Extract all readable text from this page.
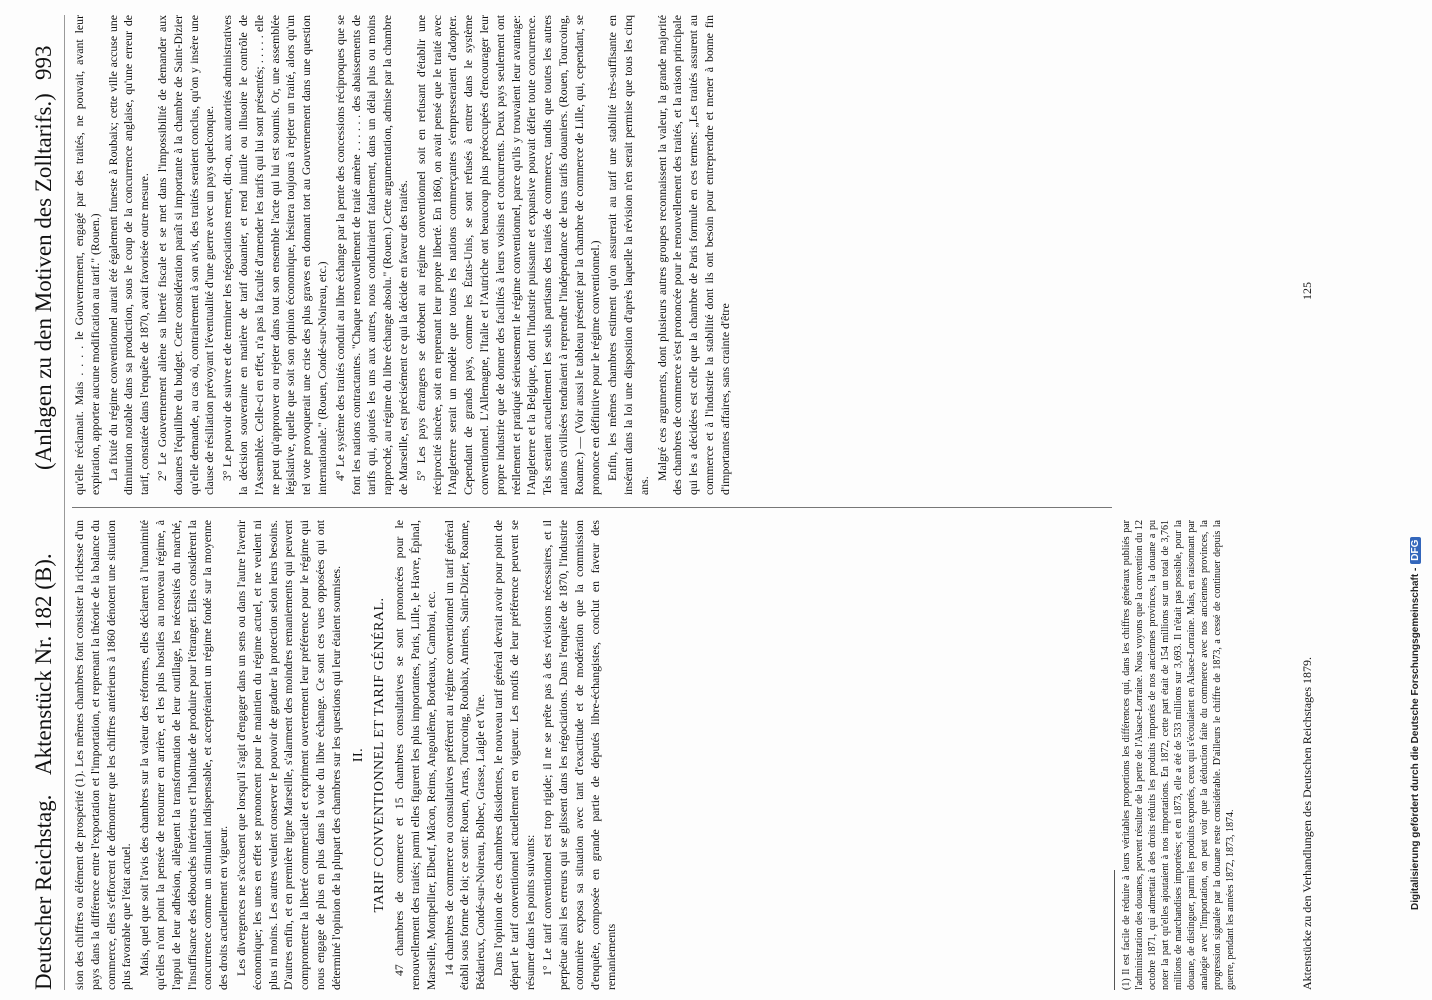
Deutscher Reichstag.
Aktenstück Nr. 182 (B).
(Anlagen zu den Motiven des Zolltarifs.)
993

sion des chiffres ou élément de prospérité (1). Les mêmes chambres font consister la richesse d'un pays dans la différence entre l'exportation et l'importation, et reprenant la théorie de la balance du commerce, elles s'efforcent de démontrer que les chiffres antérieurs à 1860 dénotent une situation plus favorable que l'état actuel. Mais, quel que soit l'avis des chambres sur la valeur des réformes, elles déclarent à l'unanimité qu'elles n'ont point la pensée de retourner en arrière, et les plus hostiles au nouveau régime, à l'appui de leur adhésion, allèguent la transformation de leur outillage, les nécessités du marché, l'insuffisance des débouchés intérieurs et l'habitude de produire pour l'étranger. Elles considèrent la concurrence comme un stimulant indispensable, et acceptéraient un régime fondé sur la moyenne des droits actuellement en vigueur. Les divergences ne s'accusent que lorsqu'il s'agit d'engager dans un sens ou dans l'autre l'avenir économique; les unes en effet se prononcent pour le maintien du régime actuel, et ne veulent ni plus ni moins. Les autres veulent conserver le pouvoir de graduer la protection selon leurs besoins. D'autres enfin, et en première ligne Marseille, s'alarment des moindres remaniements qui peuvent compromettre la liberté commerciale et expriment ouvertement leur préférence pour le régime qui nous engage de plus en plus dans la voie du libre échange. Ce sont ces vues opposées qui ont déterminé l'opinion de la plupart des chambres sur les questions qui leur étaient soumises. II. TARIF CONVENTIONNEL ET TARIF GÉNÉRAL. 47 chambres de commerce et 15 chambres consultatives se sont prononcées pour le renouvellement des traités; parmi elles figurent les plus importantes, Paris, Lille, le Havre, Épinal, Marseille, Montpellier, Elbeuf, Mâcon, Reims, Angoulême, Bordeaux, Cambrai, etc. 14 chambres de commerce ou consultatives préfèrent au régime conventionnel un tarif général établi sous forme de loi; ce sont: Rouen, Arras, Tourcoing, Roubaix, Amiens, Saint-Dizier, Roanne, Bédarieux, Condé-sur-Noireau, Bolbec, Grasse, Laigle et Vire. Dans l'opinion de ces chambres dissidentes, le nouveau tarif général devrait avoir pour point de départ le tarif conventionnel actuellement en vigueur. Les motifs de leur préférence peuvent se résumer dans les points suivants: 1° Le tarif conventionnel est trop rigide; il ne se prête pas à des révisions nécessaires, et il perpétue ainsi les erreurs qui se glissent dans les négociations. Dans l'enquête de 1870, l'industrie cotonnière exposa sa situation avec tant d'exactitude et de modération que la commission d'enquête, composée en grande partie de députés libre-échangistes, conclut en faveur des remaniements

qu'elle réclamait. Mais . . . . le Gouvernement, engagé par des traités, ne pouvait, avant leur expiration, apporter aucune modification au tarif." (Rouen.) La fixité du régime conventionnel aurait été également funeste à Roubaix; cette ville accuse une diminution notable dans sa production, sous le coup de la concurrence anglaise, qu'une erreur de tarif, constatée dans l'enquête de 1870, avait favorisée outre mesure. 2° Le Gouvernement aliène sa liberté fiscale et se met dans l'impossibilité de demander aux douanes l'équilibre du budget. Cette considération paraît si importante à la chambre de Saint-Dizier qu'elle demande, au cas où, contrairement à son avis, des traités seraient conclus, qu'on y insère une clause de résiliation prévoyant l'éventualité d'une guerre avec un pays quelconque. 3° Le pouvoir de suivre et de terminer les négociations remet, dit-on, aux autorités administratives la décision souveraine en matière de tarif douanier, et rend inutile ou illusoire le contrôle de l'Assemblée. Celle-ci en effet, n'a pas la faculté d'amender les tarifs qui lui sont présentés; . . . . . elle ne peut qu'approuver ou rejeter dans tout son ensemble l'acte qui lui est soumis. Or, une assemblée législative, quelle que soit son opinion économique, hésitera toujours à rejeter un traité, alors qu'un tel vote provoquerait une crise des plus graves en donnant tort au Gouvernement dans une question internationale." (Rouen, Condé-sur-Noireau, etc.) 4° Le système des traités conduit au libre échange par la pente des concessions réciproques que se font les nations contractantes. "Chaque renouvellement de traité amène . . . . . . des abaissements de tarifs qui, ajoutés les uns aux autres, nous conduiraient fatalement, dans un délai plus ou moins rapproché, au régime du libre échange absolu." (Rouen.) Cette argumentation, admise par la chambre de Marseille, est précisément ce qui la décide en faveur des traités. 5° Les pays étrangers se dérobent au régime conventionnel soit en refusant d'établir une réciprocité sincère, soit en reprenant leur propre liberté. En 1860, on avait pensé que le traité avec l'Angleterre serait un modèle que toutes les nations commerçantes s'empresseraient d'adopter. Cependant de grands pays, comme les États-Unis, se sont refusés à entrer dans le système conventionnel. L'Allemagne, l'Italie et l'Autriche ont beaucoup plus préoccupées d'encourager leur propre industrie que de donner des facilités à leurs voisins et concurrents. Deux pays seulement ont réellement et pratiqué sérieusement le régime conventionnel, parce qu'ils y trouvaient leur avantage: l'Angleterre et la Belgique, dont l'industrie puissante et expansive pouvait défier toute concurrence. Tels seraient actuellement les seuls partisans des traités de commerce, tandis que toutes les autres nations civilisées tendraient à reprendre l'indépendance de leurs tarifs douaniers. (Rouen, Tourcoing, Roanne.) — (Voir aussi le tableau présenté par la chambre de commerce de Lille, qui, cependant, se prononce en définitive pour le régime conventionnel.) Enfin, les mêmes chambres estiment qu'on assurerait au tarif une stabilité très-suffisante en insérant dans la loi une disposition d'après laquelle la révision n'en serait permise que tous les cinq ans.

Malgré ces arguments, dont plusieurs autres groupes reconnaissent la valeur, la grande majorité des chambres de commerce s'est prononcée pour le renouvellement des traités, et la raison principale qui les a décidées est celle que la chambre de Paris formule en ces termes: „Les traités assurent au commerce et à l'industrie la stabilité dont ils ont besoin pour entreprendre et mener à bonne fin d'importantes affaires, sans crainte d'être

(1) Il est facile de réduire à leurs véritables proportions les différences qui, dans les chiffres généraux publiés par l'administration des douanes, peuvent résulter de la perte de l'Alsace-Lorraine. Nous voyons que la convention du 12 octobre 1871, qui admettait à des droits réduits les produits importés de nos anciennes provinces, la douane a pu noter la part qu'elles ajoutaient à nos importations. En 1872, cette part était de 154 millions sur un total de 3,761 millions de marchandises importées; et en 1873, elle a été de 533 millions sur 3,693. Il n'était pas possible, pour la douane, de distinguer, parmi les produits exportés, ceux qui s'écoulaient en Alsace-Lorraine. Mais, en raisonnant par analogie avec l'importation, on peut voir que la déduction faite du commerce avec nos anciennes provinces, la progression signalée par la douane reste considérable. D'ailleurs le chiffre de 1873, a cessé de continuer depuis la guerre, pendant les années 1872, 1873, 1874.	Aktenstücke zu den Verhandlungen des Deutschen Reichstages 1879.
125
Digitalisierung gefördert durch die Deutsche Forschungsgemeinschaft -DFG
